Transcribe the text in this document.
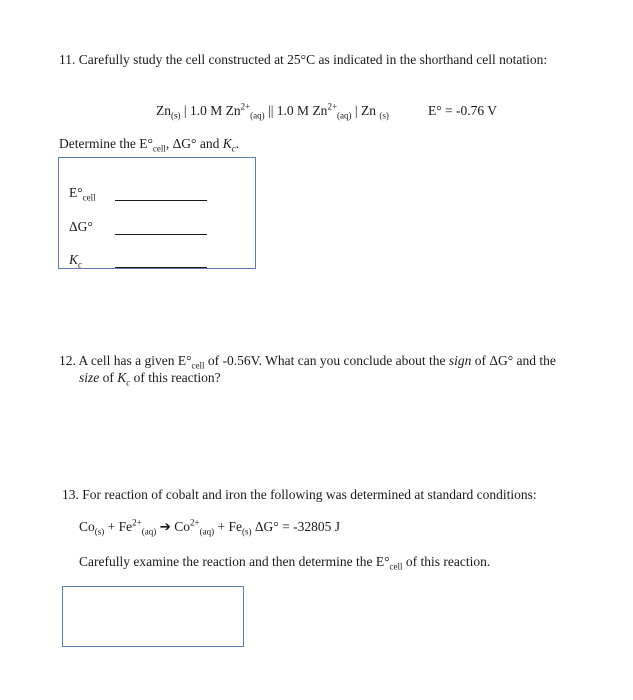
11. Carefully study the cell constructed at 25°C as indicated in the shorthand cell notation:
$Zn_{(s)}$ | 1.0 M $Zn^{2+}_{(aq)}$ || 1.0 M $Zn^{2+}_{(aq)}$ | Zn $_{(s)}$	E° = -0.76 V
Determine the $E^\circ_{cell}$, ΔG° and $K_c$.
$E^\circ_{cell}$
ΔG°
$K_c$
12. A cell has a given $E^\circ_{cell}$ of -0.56V. What can you conclude about the sign of ΔG° and the
size of $K_c$ of this reaction?
13. For reaction of cobalt and iron the following was determined at standard conditions:
$Co_{(s)} + Fe^{2+}_{(aq)}$ ➔ $Co^{2+}_{(aq)} + Fe_{(s)}$ ΔG° = -32805 J
Carefully examine the reaction and then determine the $E^\circ_{cell}$ of this reaction.
